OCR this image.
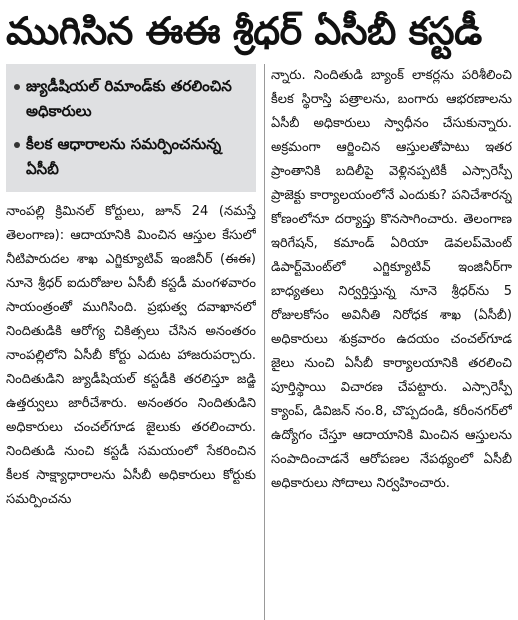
ముగిసిన ఈఈ శ్రీధర్ ఏసీబీ కస్టడీ
జ్యుడీషియల్ రిమాండ్‌కు తరలించిన అధికారులు
కీలక ఆధారాలను సమర్పించనున్న ఏసీబీ

నాంపల్లి క్రిమినల్ కోర్టులు, జూన్ 24 (నమస్తే తెలంగాణ): ఆదాయానికి మించిన ఆస్తుల కేసులో నీటిపారుదల శాఖ ఎగ్జిక్యూటివ్ ఇంజినీర్ (ఈఈ) నూనె శ్రీధర్ ఐదురోజుల ఏసీబీ కస్టడీ మంగళవారం సాయంత్రంతో ముగిసింది. ప్రభుత్వ దవాఖానలో నిందితుడికి ఆరోగ్య చికిత్సలు చేసిన అనంతరం నాంపల్లిలోని ఏసీబీ కోర్టు ఎదుట హాజరుపర్చారు. నిందితుడిని జ్యుడీషియల్ కస్టడీకి తరలిస్తూ జడ్జి ఉత్తర్వులు జారీచేశారు. అనంతరం నిందితుడిని అధికారులు చంచల్‌గూడ జైలుకు తరలించారు. నిందితుడి నుంచి కస్టడీ సమయంలో సేకరించిన కీలక సాక్ష్యాధారాలను ఏసీబీ అధికారులు కోర్టుకు సమర్పించను

న్నారు. నిందితుడి బ్యాంక్ లాకర్లను పరిశీలించి కీలక స్థిరాస్తి పత్రాలను, బంగారు ఆభరణాలను ఏసీబీ అధికారులు స్వాధీనం చేసుకున్నారు. అక్రమంగా ఆర్జించిన ఆస్తులతోపాటు ఇతర ప్రాంతానికి బదిలీపై వెళ్లినప్పటికీ ఎస్సారెస్పీ ప్రాజెక్టు కార్యాలయంలోనే ఎందుకు? పనిచేశారన్న కోణంలోనూ దర్యాప్తు కొనసాగించారు. తెలంగాణ ఇరిగేషన్, కమాండ్ ఏరియా డెవలప్‌మెంట్ డిపార్ట్‌మెంట్‌లో ఎగ్జిక్యూటివ్ ఇంజినీర్‌గా బాధ్యతలు నిర్వర్తిస్తున్న నూనె శ్రీధర్‌ను 5 రోజులకోసం అవినీతి నిరోధక శాఖ (ఏసీబీ) అధికారులు శుక్రవారం ఉదయం చంచల్‌గూడ జైలు నుంచి ఏసీబీ కార్యాలయానికి తరలించి పూర్తిస్థాయి విచారణ చేపట్టారు. ఎస్సారెస్పీ క్యాంప్, డివిజన్ నం.8, చొప్పదండి, కరీంనగర్‌లో ఉద్యోగం చేస్తూ ఆదాయానికి మించిన ఆస్తులను సంపాదించాడనే ఆరోపణల నేపథ్యంలో ఏసీబీ అధికారులు సోదాలు నిర్వహించారు.
